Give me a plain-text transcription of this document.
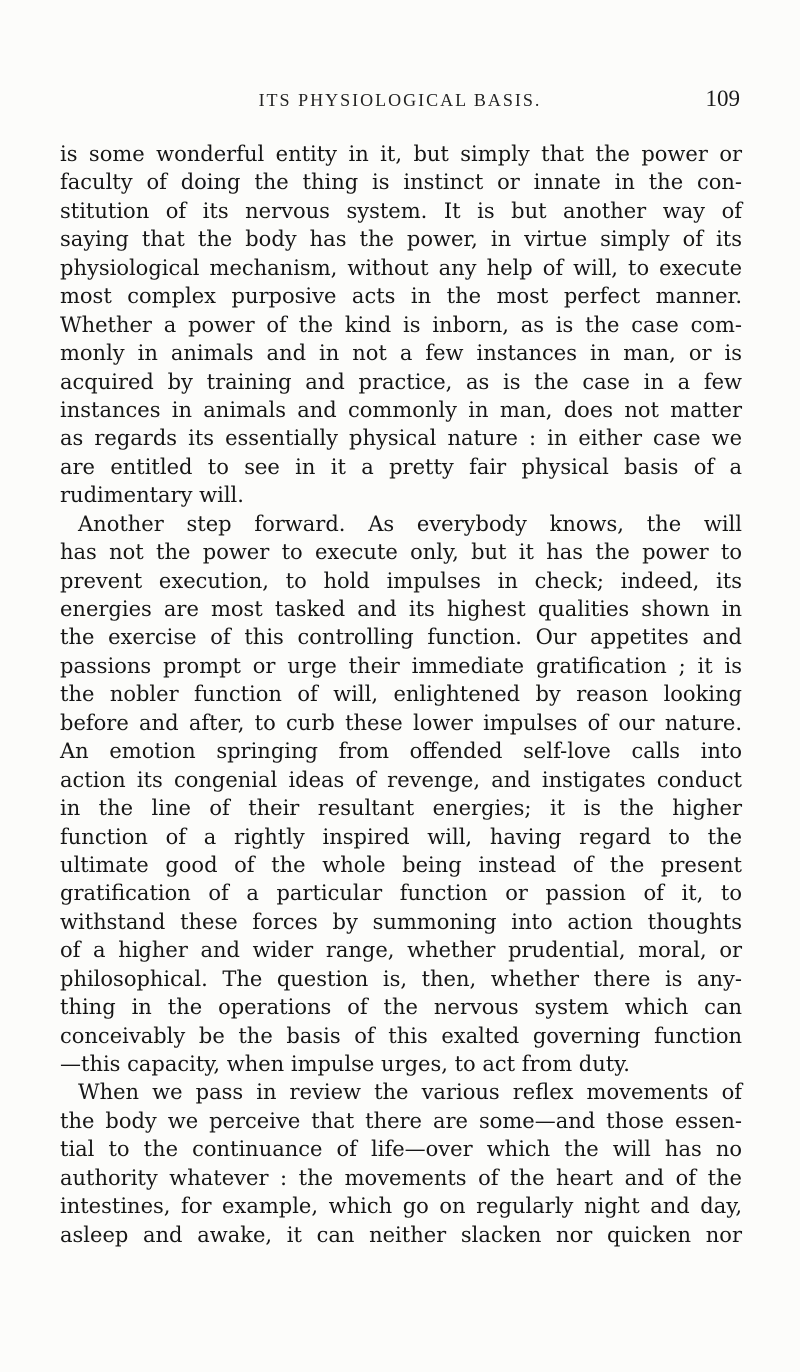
ITS PHYSIOLOGICAL BASIS.	109
is some wonderful entity in it, but simply that the power or
faculty of doing the thing is instinct or innate in the con-
stitution of its nervous system. It is but another way of
saying that the body has the power, in virtue simply of its
physiological mechanism, without any help of will, to execute
most complex purposive acts in the most perfect manner.
Whether a power of the kind is inborn, as is the case com-
monly in animals and in not a few instances in man, or is
acquired by training and practice, as is the case in a few
instances in animals and commonly in man, does not matter
as regards its essentially physical nature : in either case we
are entitled to see in it a pretty fair physical basis of a
rudimentary will.
Another step forward. As everybody knows, the will
has not the power to execute only, but it has the power to
prevent execution, to hold impulses in check; indeed, its
energies are most tasked and its highest qualities shown in
the exercise of this controlling function. Our appetites and
passions prompt or urge their immediate gratification ; it is
the nobler function of will, enlightened by reason looking
before and after, to curb these lower impulses of our nature.
An emotion springing from offended self-love calls into
action its congenial ideas of revenge, and instigates conduct
in the line of their resultant energies; it is the higher
function of a rightly inspired will, having regard to the
ultimate good of the whole being instead of the present
gratification of a particular function or passion of it, to
withstand these forces by summoning into action thoughts
of a higher and wider range, whether prudential, moral, or
philosophical. The question is, then, whether there is any-
thing in the operations of the nervous system which can
conceivably be the basis of this exalted governing function
—this capacity, when impulse urges, to act from duty.
When we pass in review the various reflex movements of
the body we perceive that there are some—and those essen-
tial to the continuance of life—over which the will has no
authority whatever : the movements of the heart and of the
intestines, for example, which go on regularly night and day,
asleep and awake, it can neither slacken nor quicken nor
